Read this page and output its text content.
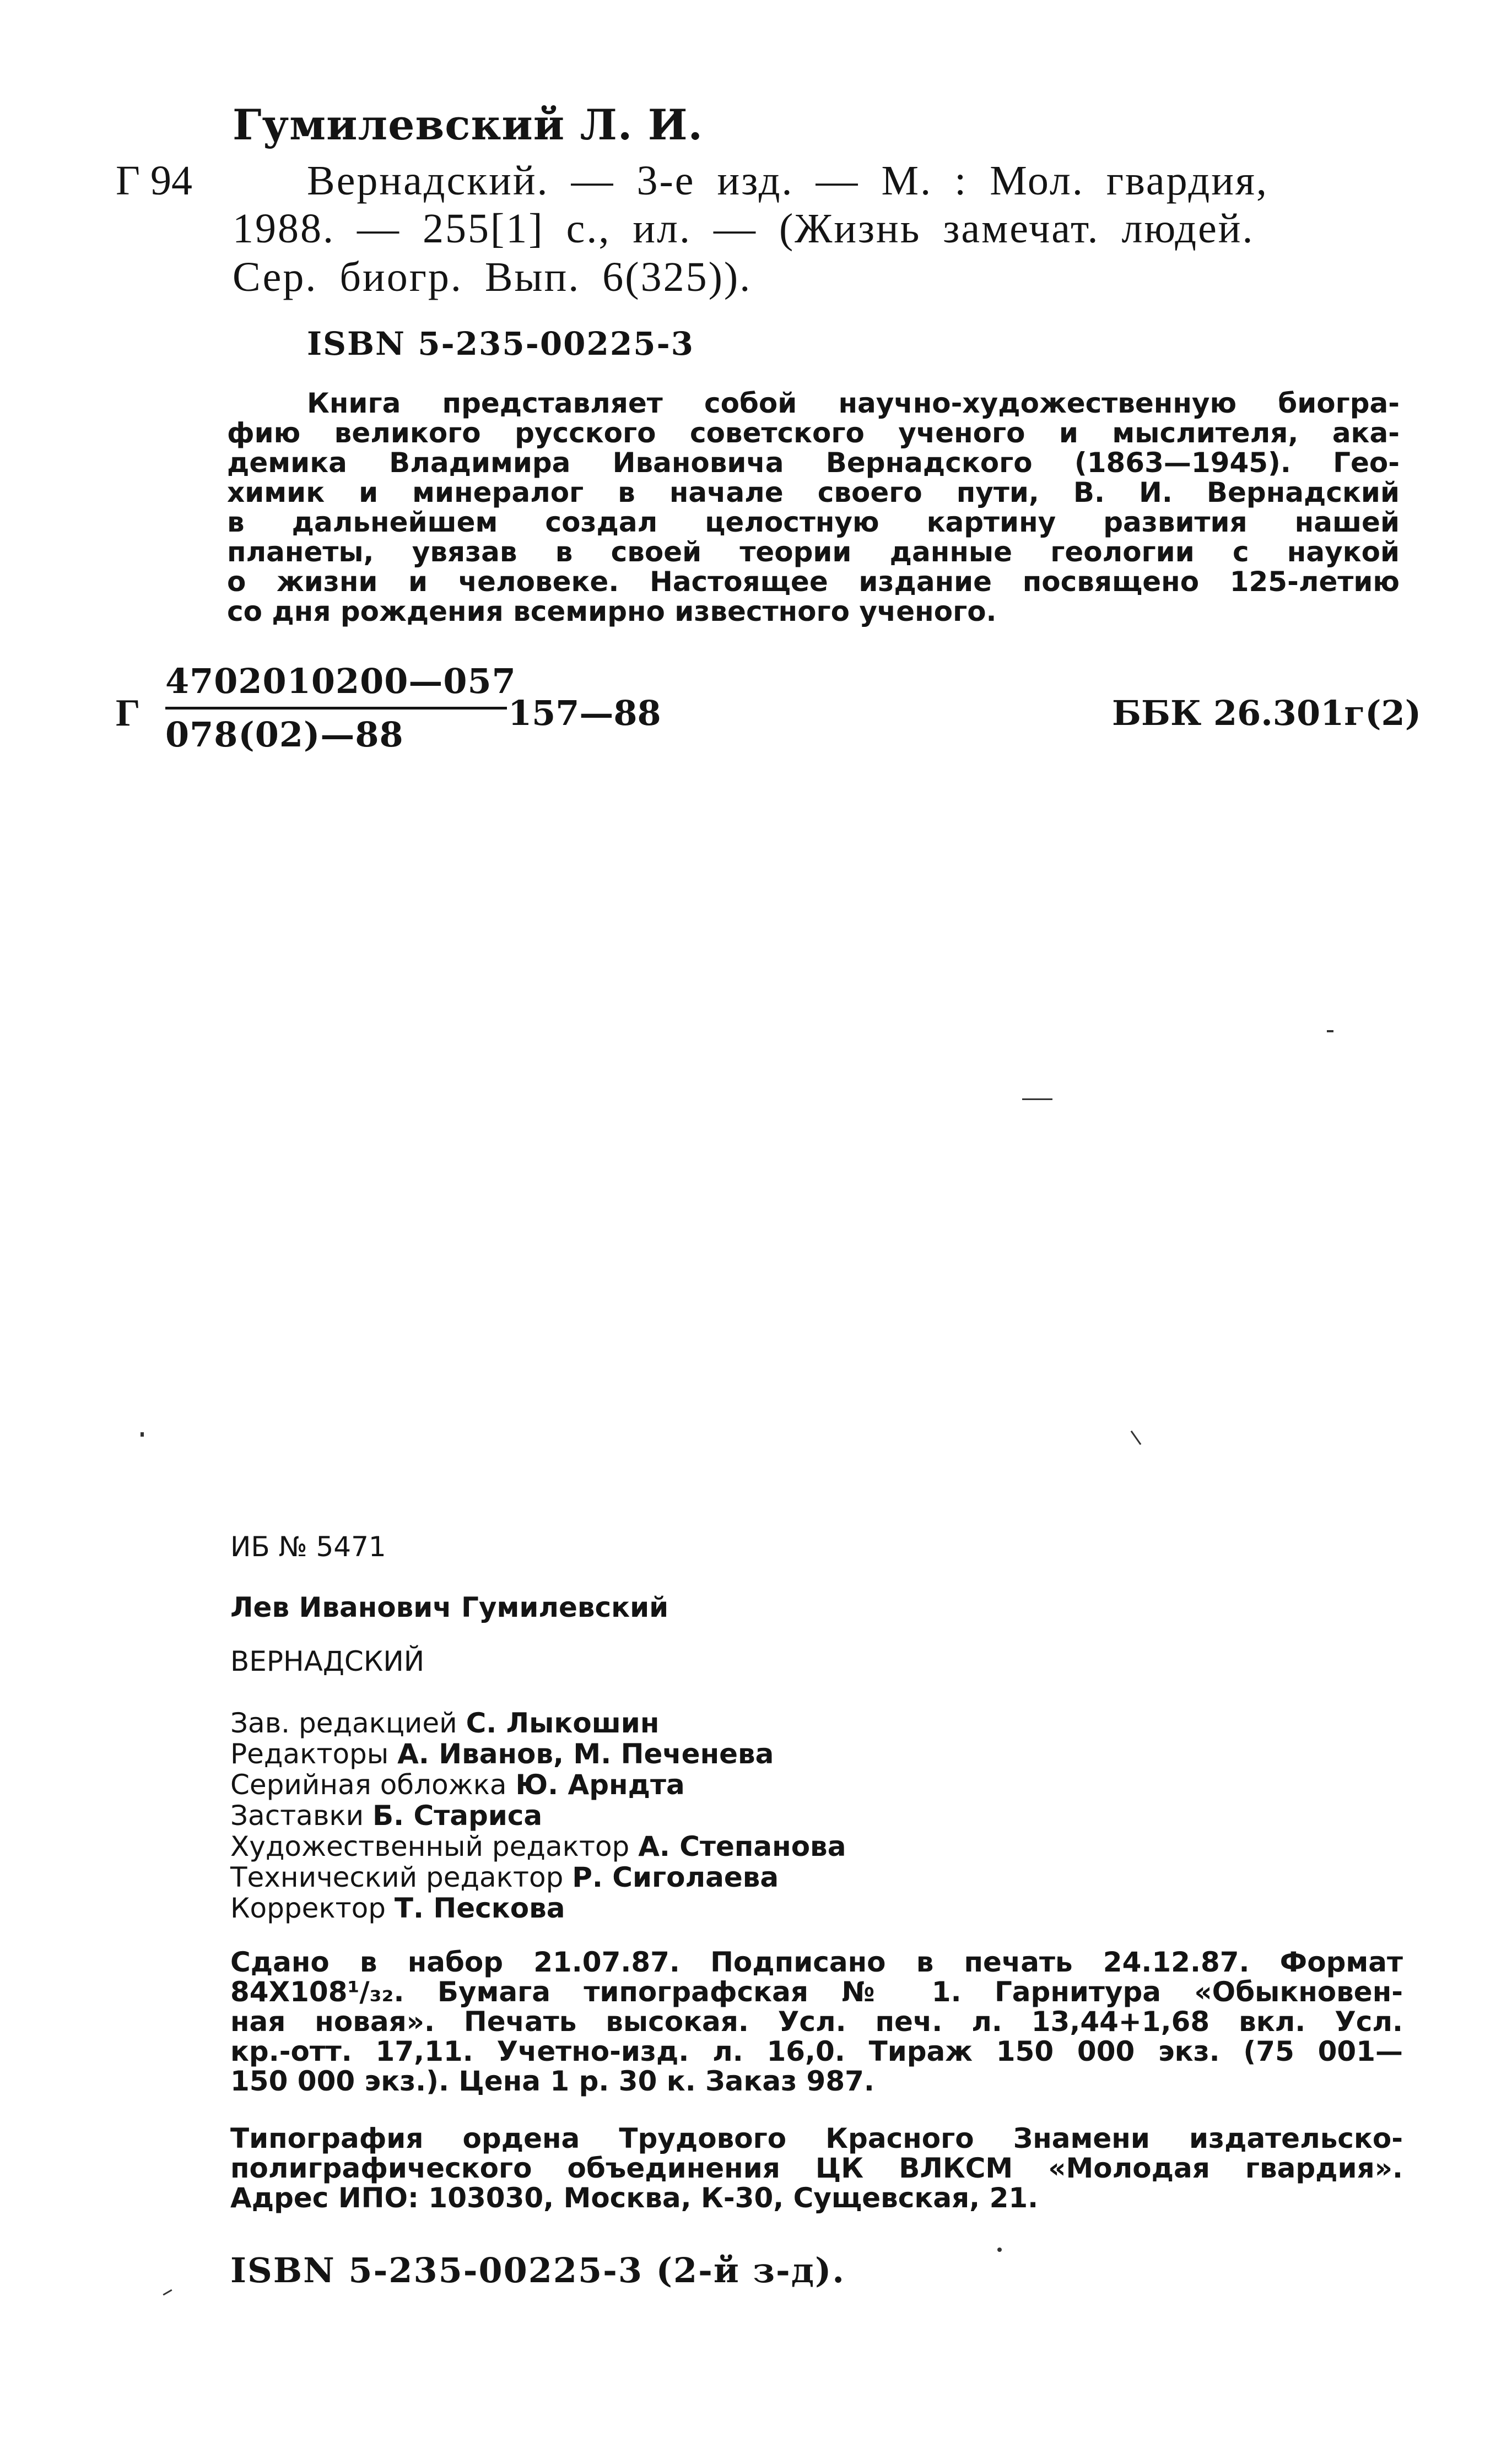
Гумилевский Л. И.
Г 94	Вернадский. — 3-е изд. — М. : Мол. гвардия,
1988. — 255[1] с., ил. — (Жизнь замечат. людей.
Сер. биогр. Вып. 6(325)).
ISBN 5-235-00225-3
Книга представляет собой научно-художественную биогра-
фию великого русского советского ученого и мыслителя, ака-
демика Владимира Ивановича Вернадского (1863—1945). Гео-
химик и минералог в начале своего пути, В. И. Вернадский
в дальнейшем создал целостную картину развития нашей
планеты, увязав в своей теории данные геологии с наукой
о жизни и человеке. Настоящее издание посвящено 125-летию
со дня рождения всемирно известного ученого.
Г
4702010200—057
078(02)—88
157—88	ББК 26.301г(2)
ИБ № 5471
Лев Иванович Гумилевский
ВЕРНАДСКИЙ
Зав. редакцией С. Лыкошин
Редакторы А. Иванов, М. Печенева
Серийная обложка Ю. Арндта
Заставки Б. Стариса
Художественный редактор А. Степанова
Технический редактор Р. Сиголаева
Корректор Т. Пескова
Сдано в набор 21.07.87. Подписано в печать 24.12.87. Формат
84Х108¹/₃₂. Бумага типографская № 1. Гарнитура «Обыкновен-
ная новая». Печать высокая. Усл. печ. л. 13,44+1,68 вкл. Усл.
кр.-отт. 17,11. Учетно-изд. л. 16,0. Тираж 150 000 экз. (75 001—
150 000 экз.). Цена 1 р. 30 к. Заказ 987.
Типография ордена Трудового Красного Знамени издательско-
полиграфического объединения ЦК ВЛКСМ «Молодая гвардия».
Адрес ИПО: 103030, Москва, К-30, Сущевская, 21.
ISBN 5-235-00225-3 (2-й з-д).
